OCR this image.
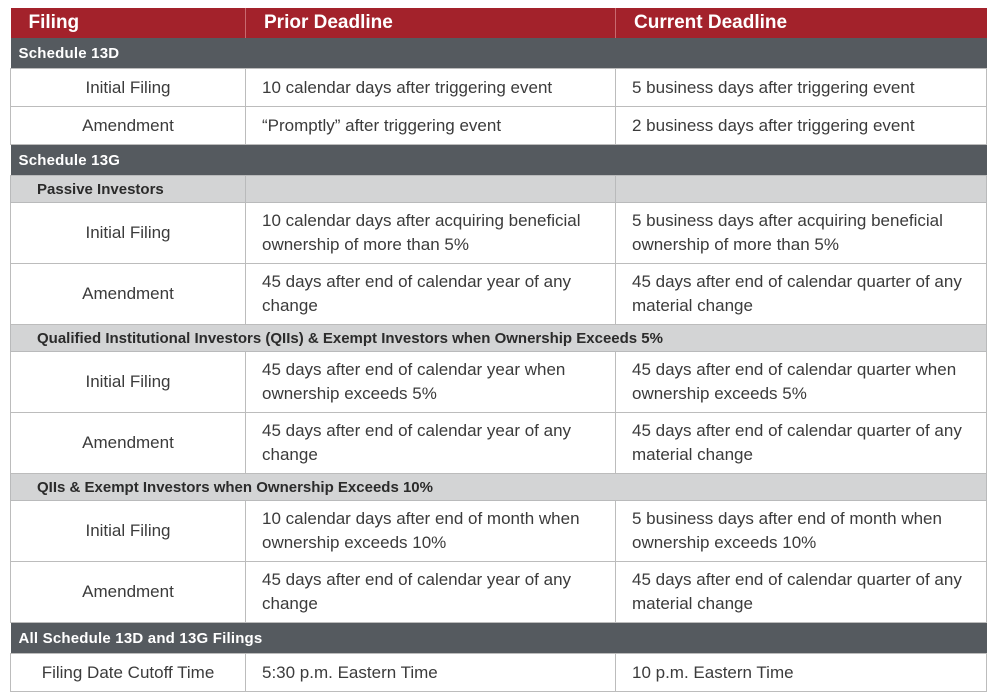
Filing	Prior Deadline	Current Deadline
Schedule 13D		
Initial Filing	10 calendar days after triggering event	5 business days after triggering event
Amendment	“Promptly” after triggering event	2 business days after triggering event
Schedule 13G		
Passive Investors		
Initial Filing	10 calendar days after acquiring beneficial ownership of more than 5%	5 business days after acquiring beneficial ownership of more than 5%
Amendment	45 days after end of calendar year of any change	45 days after end of calendar quarter of any material change
Qualified Institutional Investors (QIIs) & Exempt Investors when Ownership Exceeds 5%		
Initial Filing	45 days after end of calendar year when ownership exceeds 5%	45 days after end of calendar quarter when ownership exceeds 5%
Amendment	45 days after end of calendar year of any change	45 days after end of calendar quarter of any material change
QIIs & Exempt Investors when Ownership Exceeds 10%		
Initial Filing	10 calendar days after end of month when ownership exceeds 10%	5 business days after end of month when ownership exceeds 10%
Amendment	45 days after end of calendar year of any change	45 days after end of calendar quarter of any material change
All Schedule 13D and 13G Filings		
Filing Date Cutoff Time	5:30 p.m. Eastern Time	10 p.m. Eastern Time
